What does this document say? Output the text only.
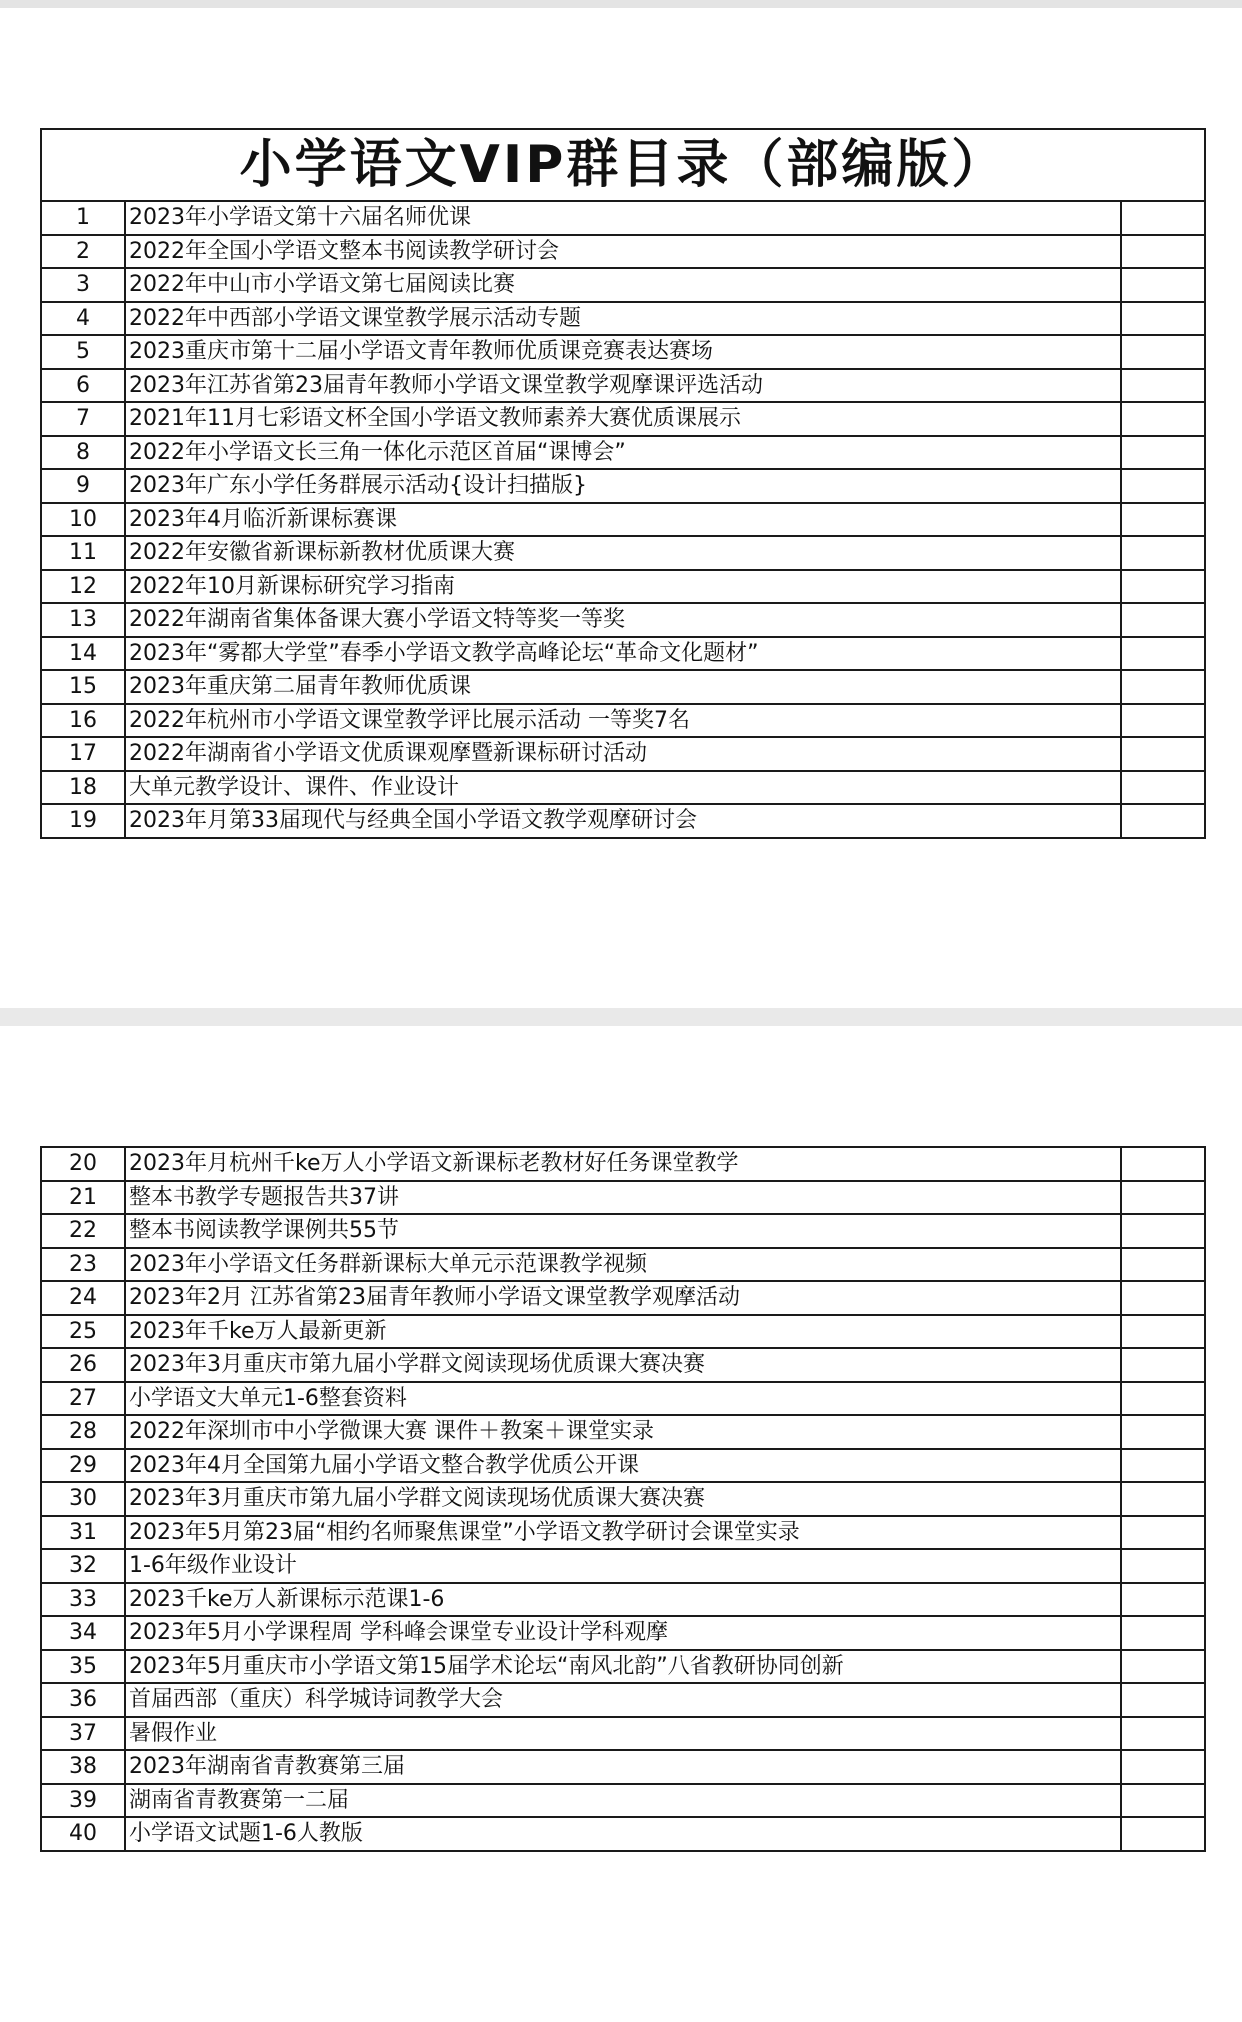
小学语文VIP群目录（部编版）		
1	2023年小学语文第十六届名师优课	
2	2022年全国小学语文整本书阅读教学研讨会	
3	2022年中山市小学语文第七届阅读比赛	
4	2022年中西部小学语文课堂教学展示活动专题	
5	2023重庆市第十二届小学语文青年教师优质课竞赛表达赛场	
6	2023年江苏省第23届青年教师小学语文课堂教学观摩课评选活动	
7	2021年11月七彩语文杯全国小学语文教师素养大赛优质课展示	
8	2022年小学语文长三角一体化示范区首届“课博会”	
9	2023年广东小学任务群展示活动{设计扫描版}	
10	2023年4月临沂新课标赛课	
11	2022年安徽省新课标新教材优质课大赛	
12	2022年10月新课标研究学习指南	
13	2022年湖南省集体备课大赛小学语文特等奖一等奖	
14	2023年“雾都大学堂”春季小学语文教学高峰论坛“革命文化题材”	
15	2023年重庆第二届青年教师优质课	
16	2022年杭州市小学语文课堂教学评比展示活动 一等奖7名	
17	2022年湖南省小学语文优质课观摩暨新课标研讨活动	
18	大单元教学设计、课件、作业设计	
19	2023年月第33届现代与经典全国小学语文教学观摩研讨会	
20	2023年月杭州千ke万人小学语文新课标老教材好任务课堂教学	
21	整本书教学专题报告共37讲	
22	整本书阅读教学课例共55节	
23	2023年小学语文任务群新课标大单元示范课教学视频	
24	2023年2月 江苏省第23届青年教师小学语文课堂教学观摩活动	
25	2023年千ke万人最新更新	
26	2023年3月重庆市第九届小学群文阅读现场优质课大赛决赛	
27	小学语文大单元1-6整套资料	
28	2022年深圳市中小学微课大赛 课件＋教案＋课堂实录	
29	2023年4月全国第九届小学语文整合教学优质公开课	
30	2023年3月重庆市第九届小学群文阅读现场优质课大赛决赛	
31	2023年5月第23届“相约名师聚焦课堂”小学语文教学研讨会课堂实录	
32	1-6年级作业设计	
33	2023千ke万人新课标示范课1-6	
34	2023年5月小学课程周 学科峰会课堂专业设计学科观摩	
35	2023年5月重庆市小学语文第15届学术论坛“南风北韵”八省教研协同创新	
36	首届西部（重庆）科学城诗词教学大会	
37	暑假作业	
38	2023年湖南省青教赛第三届	
39	湖南省青教赛第一二届	
40	小学语文试题1-6人教版	
